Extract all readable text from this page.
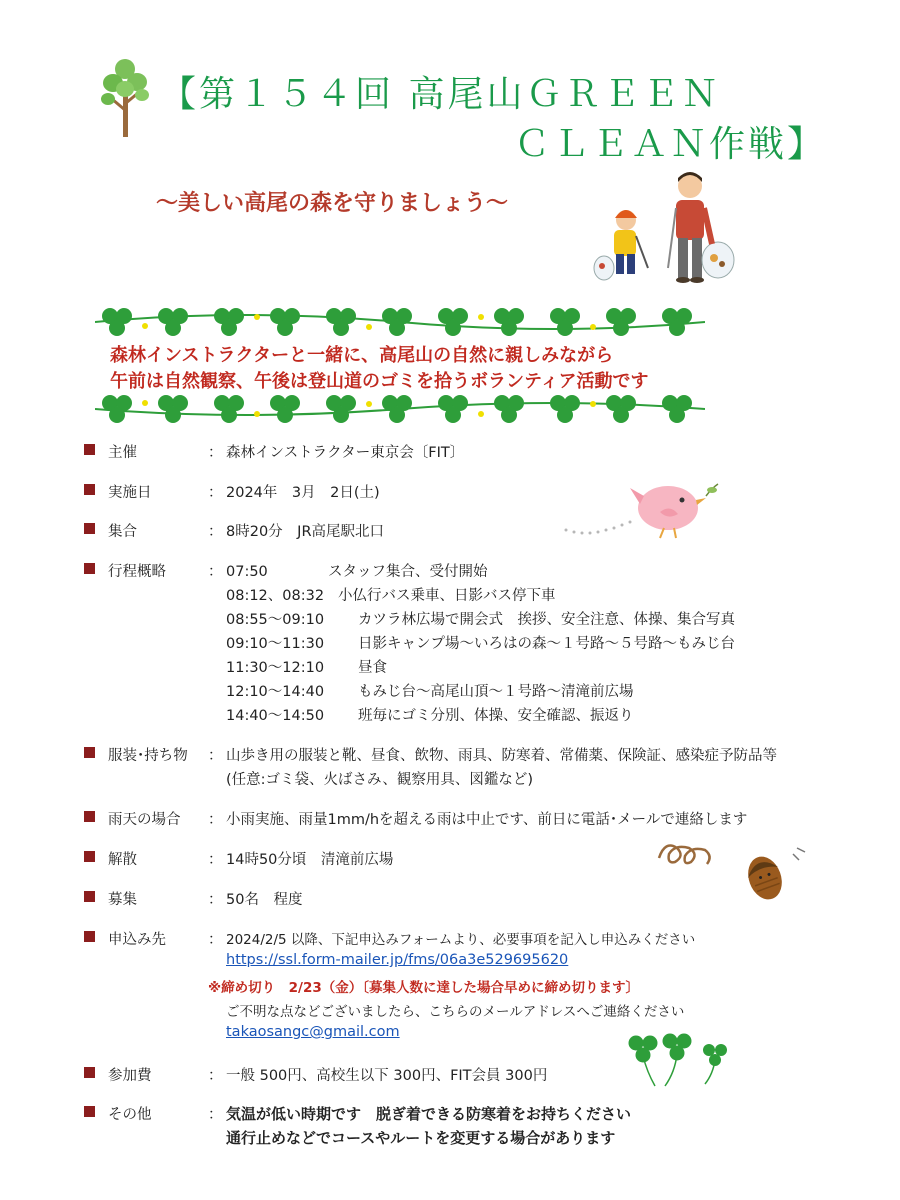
【第１５４回 高尾山ＧＲＥＥＮ
ＣＬＥＡＮ作戦】
～美しい高尾の森を守りましょう～
森林インストラクターと一緒に、高尾山の自然に親しみながら
午前は自然観察、午後は登山道のゴミを拾うボランティア活動です
主催	： 森林インストラクター東京会〔FIT〕
実施日	： 2024年　3月　2日(土)
集合	： 8時20分　JR高尾駅北口
行程概略	： 07:50	スタッフ集合、受付開始
08:12、08:32 小仏行バス乗車、日影バス停下車
08:55～09:10 カツラ林広場で開会式　挨拶、安全注意、体操、集合写真
09:10～11:30 日影キャンプ場～いろはの森～１号路～５号路～もみじ台
11:30～12:10 昼食
12:10～14:40 もみじ台～高尾山頂～１号路～清滝前広場
14:40～14:50 班毎にゴミ分別、体操、安全確認、振返り
服装･持ち物 ： 山歩き用の服装と靴、昼食、飲物、雨具、防寒着、常備薬、保険証、感染症予防品等
(任意:ゴミ袋、火ばさみ、観察用具、図鑑など)
雨天の場合 ： 小雨実施、雨量1mm/hを超える雨は中止です、前日に電話･メールで連絡します
解散	： 14時50分頃　清滝前広場
募集	： 50名　程度
申込み先	： 2024/2/5 以降、下記申込みフォームより、必要事項を記入し申込みください
https://ssl.form-mailer.jp/fms/06a3e529695620
※締め切り　2/23（金）〔募集人数に達した場合早めに締め切ります〕
ご不明な点などございましたら、こちらのメールアドレスへご連絡ください
takaosangc@gmail.com
参加費	： 一般 500円、高校生以下 300円、FIT会員 300円
その他	： 気温が低い時期です　脱ぎ着できる防寒着をお持ちください
通行止めなどでコースやルートを変更する場合があります
